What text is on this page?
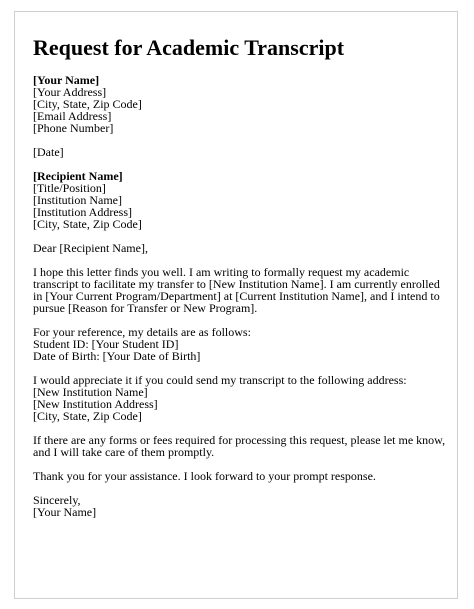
Request for Academic Transcript
[Your Name]
[Your Address]
[City, State, Zip Code]
[Email Address]
[Phone Number]
[Date]
[Recipient Name]
[Title/Position]
[Institution Name]
[Institution Address]
[City, State, Zip Code]

Dear [Recipient Name],

I hope this letter finds you well. I am writing to formally request my academic transcript to facilitate my transfer to [New Institution Name]. I am currently enrolled in [Your Current Program/Department] at [Current Institution Name], and I intend to pursue [Reason for Transfer or New Program].

For your reference, my details are as follows:
Student ID: [Your Student ID]
Date of Birth: [Your Date of Birth]
I would appreciate it if you could send my transcript to the following address:
[New Institution Name]
[New Institution Address]
[City, State, Zip Code]

If there are any forms or fees required for processing this request, please let me know, and I will take care of them promptly.

Thank you for your assistance. I look forward to your prompt response.

Sincerely,
[Your Name]
